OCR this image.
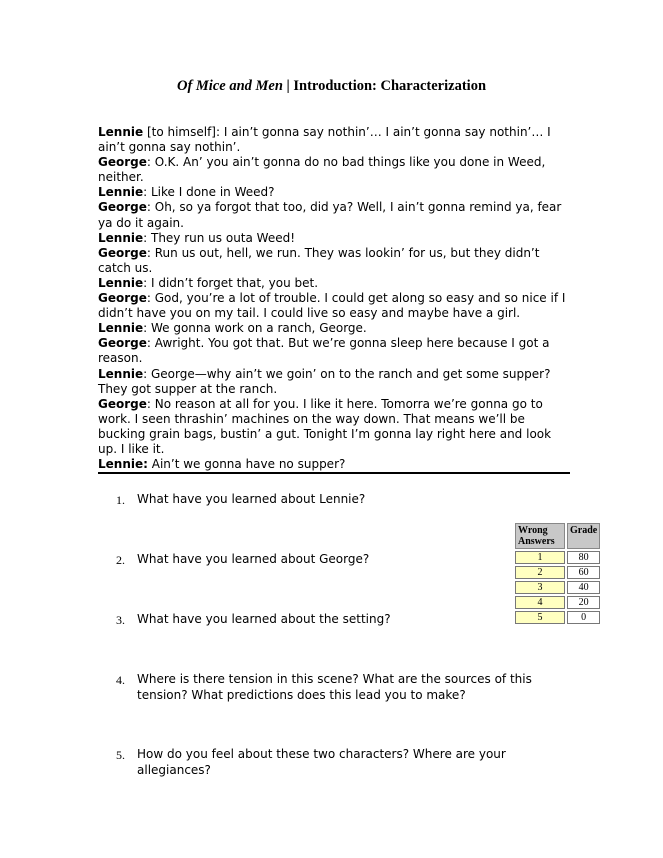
Of Mice and Men | Introduction: Characterization

Lennie [to himself]: I ain’t gonna say nothin’… I ain’t gonna say nothin’… I ain’t gonna say nothin’.

George: O.K. An’ you ain’t gonna do no bad things like you done in Weed, neither.

Lennie: Like I done in Weed?

George: Oh, so ya forgot that too, did ya? Well, I ain’t gonna remind ya, fear ya do it again.

Lennie: They run us outa Weed!

George: Run us out, hell, we run. They was lookin’ for us, but they didn’t catch us.

Lennie: I didn’t forget that, you bet.

George: God, you’re a lot of trouble. I could get along so easy and so nice if I didn’t have you on my tail. I could live so easy and maybe have a girl.

Lennie: We gonna work on a ranch, George.

George: Awright. You got that. But we’re gonna sleep here because I got a reason.

Lennie: George—why ain’t we goin’ on to the ranch and get some supper? They got supper at the ranch.

George: No reason at all for you. I like it here. Tomorra we’re gonna go to work. I seen thrashin’ machines on the way down. That means we’ll be bucking grain bags, bustin’ a gut. Tonight I’m gonna lay right here and look up. I like it.

Lennie: Ain’t we gonna have no supper?

1. What have you learned about Lennie?
2. What have you learned about George?
3. What have you learned about the setting?
4. Where is there tension in this scene? What are the sources of this tension? What predictions does this lead you to make?
5. How do you feel about these two characters? Where are your allegiances?
Wrong Answers	Grade
1	80
2	60
3	40
4	20
5	0
